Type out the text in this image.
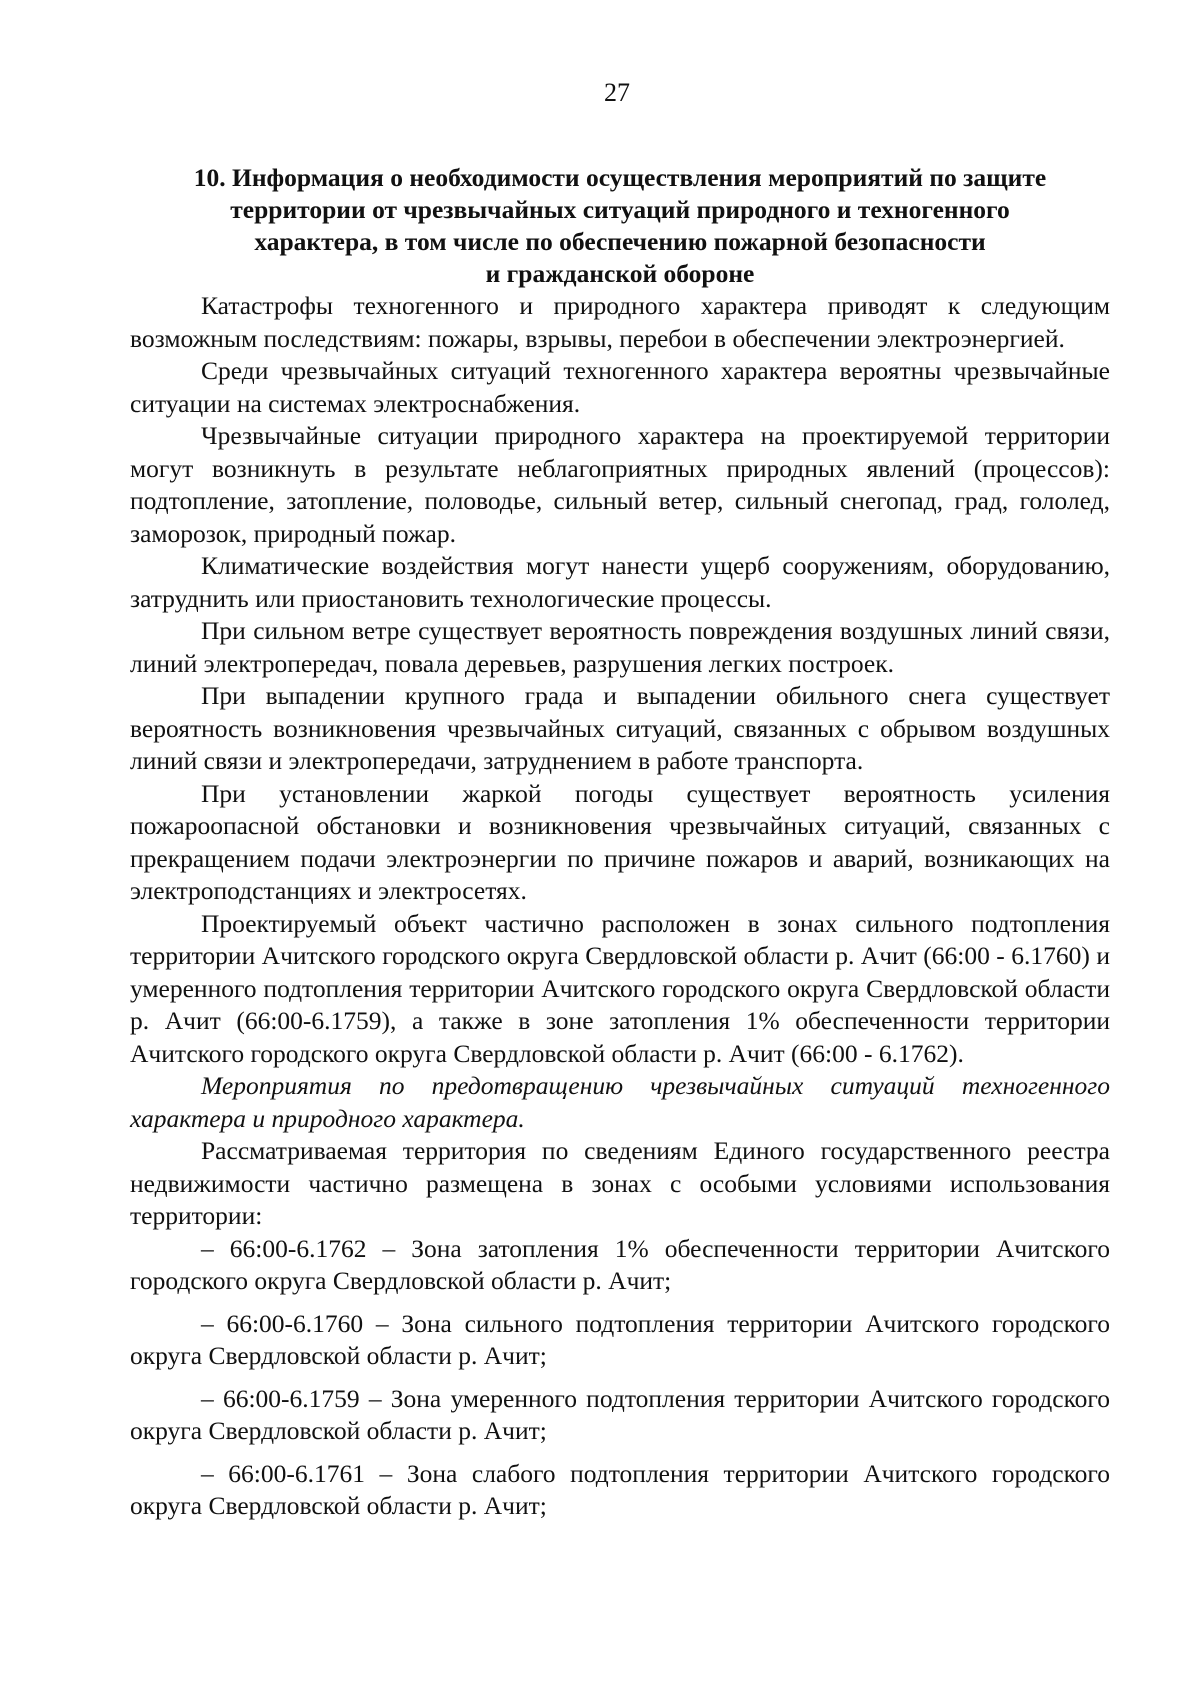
27
10. Информация о необходимости осуществления мероприятий по защите
территории от чрезвычайных ситуаций природного и техногенного
характера, в том числе по обеспечению пожарной безопасности
и гражданской обороне

Катастрофы техногенного и природного характера приводят к следующим возможным последствиям: пожары, взрывы, перебои в обеспечении электроэнергией.

Среди чрезвычайных ситуаций техногенного характера вероятны чрезвычайные ситуации на системах электроснабжения.

Чрезвычайные ситуации природного характера на проектируемой территории могут возникнуть в результате неблагоприятных природных явлений (процессов): подтопление, затопление, половодье, сильный ветер, сильный снегопад, град, гололед, заморозок, природный пожар.

Климатические воздействия могут нанести ущерб сооружениям, оборудованию, затруднить или приостановить технологические процессы.

При сильном ветре существует вероятность повреждения воздушных линий связи, линий электропередач, повала деревьев, разрушения легких построек.

При выпадении крупного града и выпадении обильного снега существует вероятность возникновения чрезвычайных ситуаций, связанных с обрывом воздушных линий связи и электропередачи, затруднением в работе транспорта.

При установлении жаркой погоды существует вероятность усиления пожароопасной обстановки и возникновения чрезвычайных ситуаций, связанных с прекращением подачи электроэнергии по причине пожаров и аварий, возникающих на электроподстанциях и электросетях.

Проектируемый объект частично расположен в зонах сильного подтопления территории Ачитского городского округа Свердловской области р. Ачит (66:00 - 6.1760) и умеренного подтопления территории Ачитского городского округа Свердловской области р. Ачит (66:00-6.1759), а также в зоне затопления 1% обеспеченности территории Ачитского городского округа Свердловской области р. Ачит (66:00 - 6.1762).

Мероприятия по предотвращению чрезвычайных ситуаций техногенного характера и природного характера.

Рассматриваемая территория по сведениям Единого государственного реестра недвижимости частично размещена в зонах с особыми условиями использования территории:

– 66:00-6.1762 – Зона затопления 1% обеспеченности территории Ачитского городского округа Свердловской области р. Ачит;

– 66:00-6.1760 – Зона сильного подтопления территории Ачитского городского округа Свердловской области р. Ачит;

– 66:00-6.1759 – Зона умеренного подтопления территории Ачитского городского округа Свердловской области р. Ачит;

– 66:00-6.1761 – Зона слабого подтопления территории Ачитского городского округа Свердловской области р. Ачит;
